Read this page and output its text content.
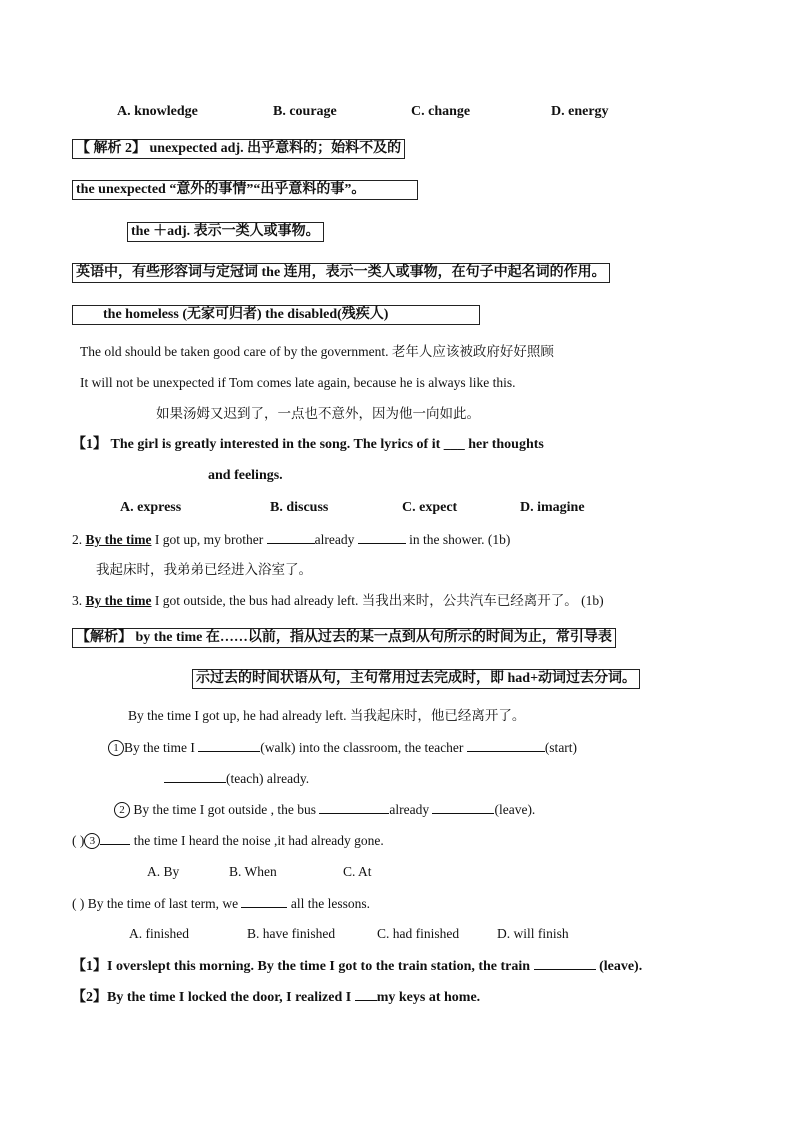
A. knowledge	B. courage	C. change	D. energy
【 解析 2】 unexpected adj. 出乎意料的；始料不及的
the unexpected “意外的事情”“出乎意料的事”。
the ＋adj. 表示一类人或事物。
英语中，有些形容词与定冠词 the 连用，表示一类人或事物，在句子中起名词的作用。
the homeless (无家可归者) the disabled(残疾人)
The old should be taken good care of by the government. 老年人应该被政府好好照顾
It will not be unexpected if Tom comes late again, because he is always like this.
如果汤姆又迟到了，一点也不意外，因为他一向如此。
【1】 The girl is greatly interested in the song. The lyrics of it ___ her thoughts
and feelings.
A. express	B. discuss	C. expect	D. imagine
2. By the time I got up, my brother	already	in the shower. (1b)
我起床时，我弟弟已经进入浴室了。
3. By the time I got outside, the bus had already left. 当我出来时，公共汽车已经离开了。 (1b)
【解析】 by the time 在……以前，指从过去的某一点到从句所示的时间为止，常引导表
示过去的时间状语从句，主句常用过去完成时，即 had+动词过去分词。
By the time I got up, he had already left. 当我起床时，他已经离开了。
1 By the time I	(walk) into the classroom, the teacher	(start)
(teach) already.
2 By the time I got outside , the bus	already	(leave).
( ) 3	the time I heard the noise ,it had already gone.
A. By	B. When	C. At
( ) By the time of last term, we	all the lessons.
A. finished	B. have finished	C. had finished	D. will finish
【1】I overslept this morning. By the time I got to the train station, the train	(leave).
【2】By the time I locked the door, I realized I my keys at home.
